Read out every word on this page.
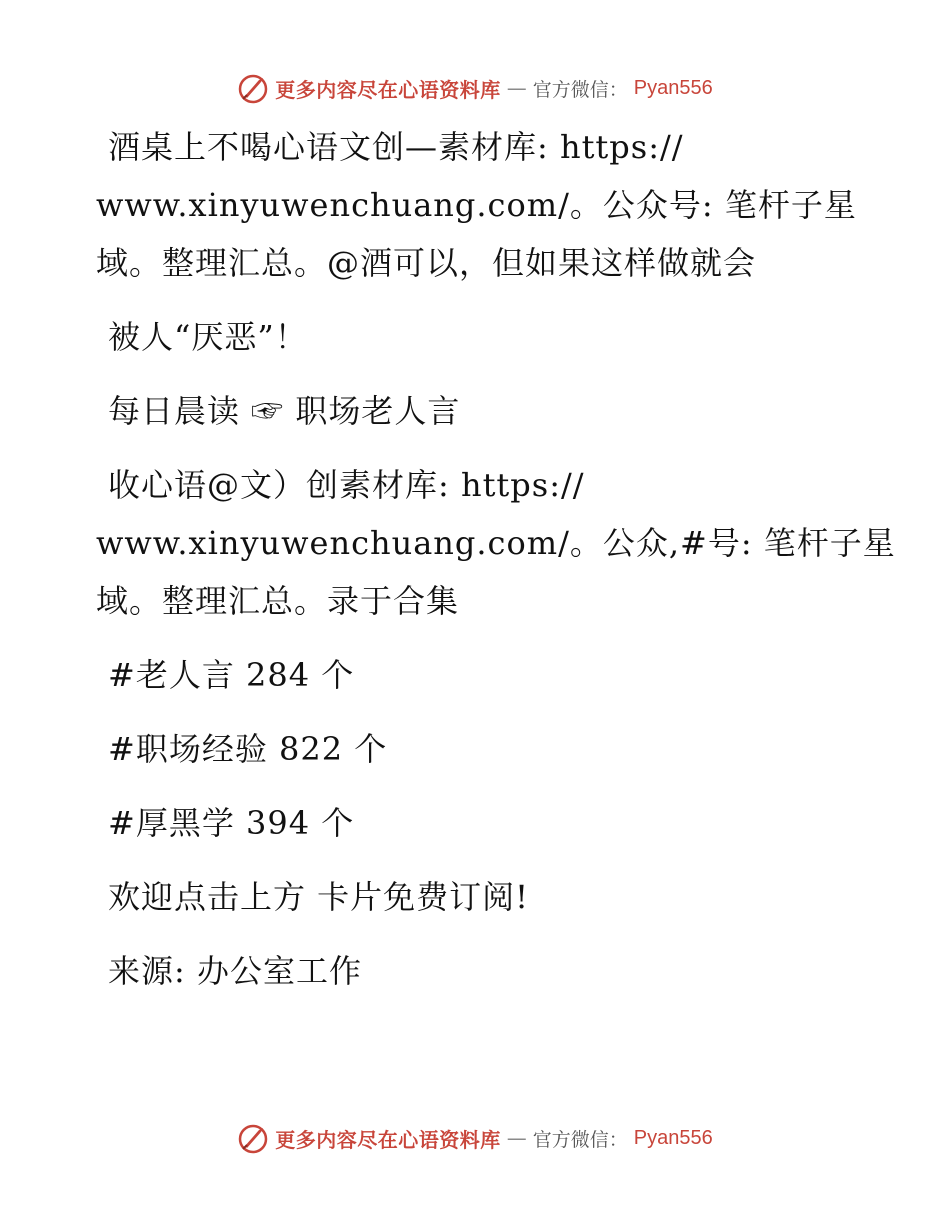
更多内容尽在心语资料库 — 官方微信： Pyan556

酒桌上不喝心语文创—素材库: https://

www.xinyuwenchuang.com/。公众号: 笔杆子星

域。整理汇总。@酒可以，但如果这样做就会

被人“厌恶”！

每日晨读 ☞ 职场老人言

收心语@文）创素材库: https://

www.xinyuwenchuang.com/。公众,#号: 笔杆子星

域。整理汇总。录于合集

#老人言 284 个

#职场经验 822 个

#厚黑学 394 个

欢迎点击上方 卡片免费订阅!

来源: 办公室工作

更多内容尽在心语资料库 — 官方微信： Pyan556
